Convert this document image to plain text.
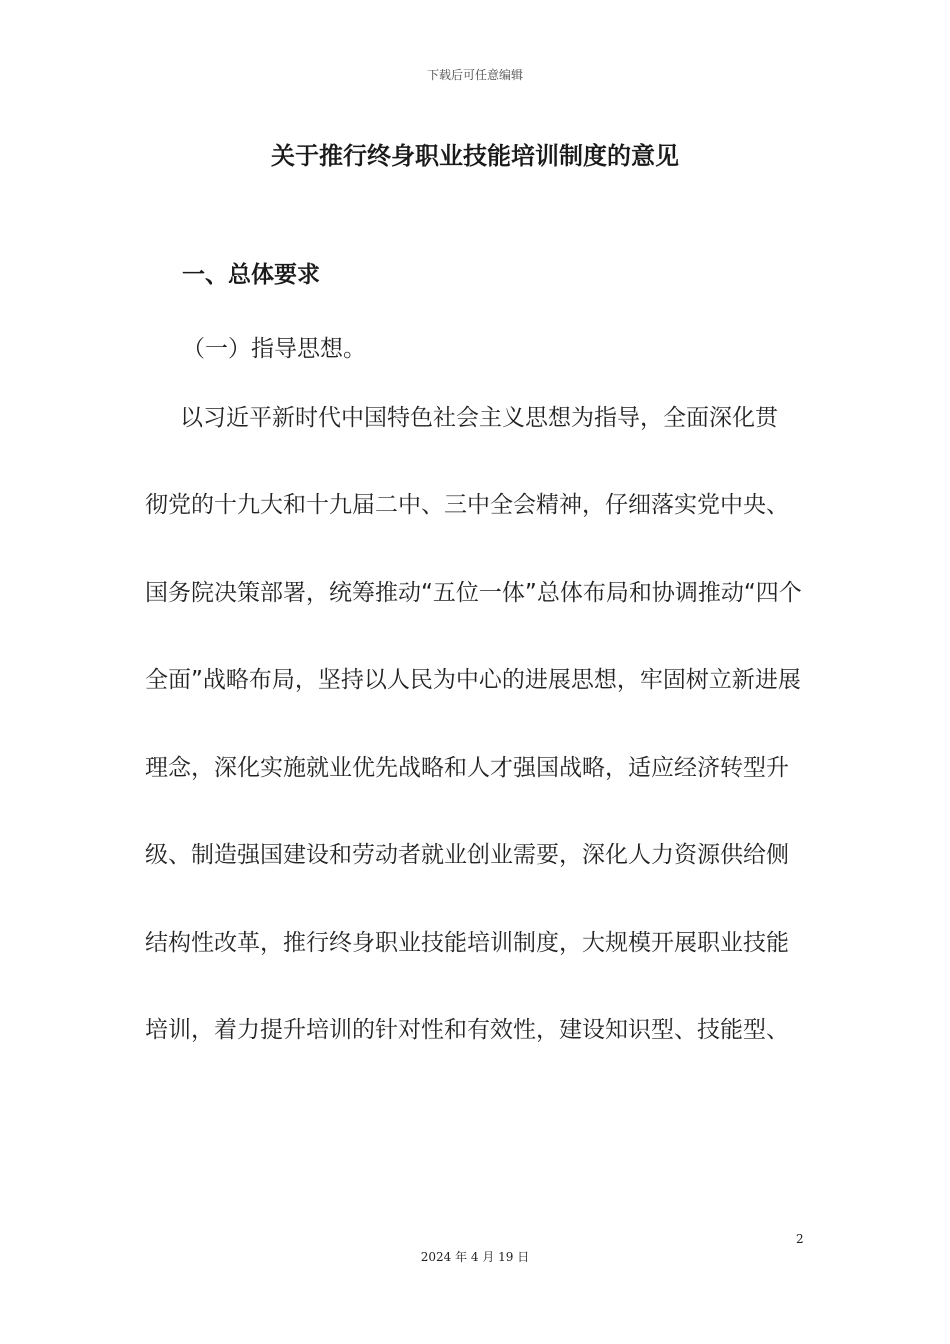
下载后可任意编辑
关于推行终身职业技能培训制度的意见
一、总体要求
（一）指导思想。
以习近平新时代中国特色社会主义思想为指导，全面深化贯
彻党的十九大和十九届二中、三中全会精神，仔细落实党中央、
国务院决策部署，统筹推动“五位一体”总体布局和协调推动“四个
全面”战略布局，坚持以人民为中心的进展思想，牢固树立新进展
理念，深化实施就业优先战略和人才强国战略，适应经济转型升
级、制造强国建设和劳动者就业创业需要，深化人力资源供给侧
结构性改革，推行终身职业技能培训制度，大规模开展职业技能
培训，着力提升培训的针对性和有效性，建设知识型、技能型、
2
2024 年 4 月 19 日
